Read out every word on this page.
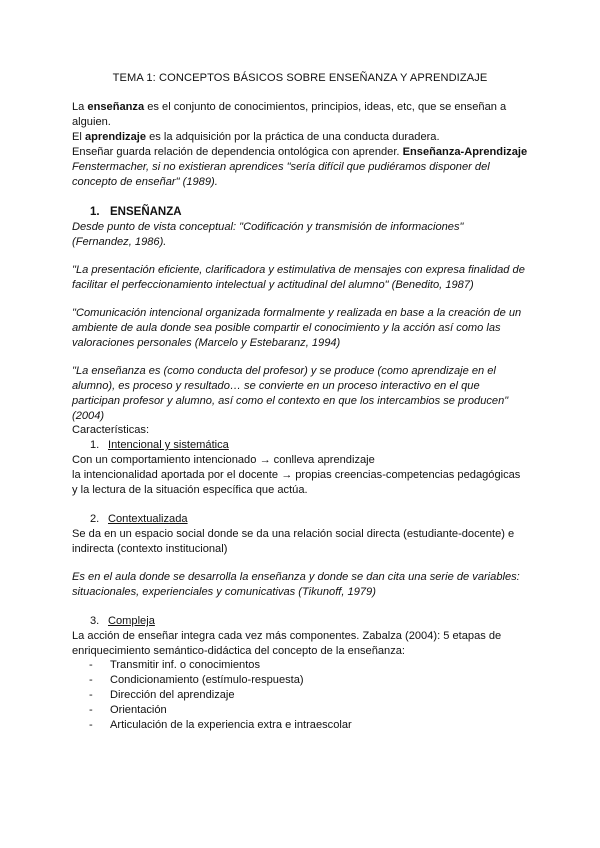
TEMA 1: CONCEPTOS BÁSICOS SOBRE ENSEÑANZA Y APRENDIZAJE
La enseñanza es el conjunto de conocimientos, principios, ideas, etc, que se enseñan a
alguien.
El aprendizaje es la adquisición por la práctica de una conducta duradera.
Enseñar guarda relación de dependencia ontológica con aprender. Enseñanza-Aprendizaje
Fenstermacher, si no existieran aprendices "sería difícil que pudiéramos disponer del
concepto de enseñar" (1989).
1. ENSEÑANZA
Desde punto de vista conceptual: "Codificación y transmisión de informaciones"
(Fernandez, 1986).
"La presentación eficiente, clarificadora y estimulativa de mensajes con expresa finalidad de
facilitar el perfeccionamiento intelectual y actitudinal del alumno" (Benedito, 1987)
"Comunicación intencional organizada formalmente y realizada en base a la creación de un
ambiente de aula donde sea posible compartir el conocimiento y la acción así como las
valoraciones personales (Marcelo y Estebaranz, 1994)
"La enseñanza es (como conducta del profesor) y se produce (como aprendizaje en el
alumno), es proceso y resultado… se convierte en un proceso interactivo en el que
participan profesor y alumno, así como el contexto en que los intercambios se producen"
(2004)
Características:
1. Intencional y sistemática
Con un comportamiento intencionado → conlleva aprendizaje
la intencionalidad aportada por el docente → propias creencias-competencias pedagógicas
y la lectura de la situación específica que actúa.
2. Contextualizada
Se da en un espacio social donde se da una relación social directa (estudiante-docente) e
indirecta (contexto institucional)
Es en el aula donde se desarrolla la enseñanza y donde se dan cita una serie de variables:
situacionales, experienciales y comunicativas (Tikunoff, 1979)
3. Compleja
La acción de enseñar integra cada vez más componentes. Zabalza (2004): 5 etapas de
enriquecimiento semántico-didáctica del concepto de la enseñanza:
- Transmitir inf. o conocimientos
- Condicionamiento (estímulo-respuesta)
- Dirección del aprendizaje
- Orientación
- Articulación de la experiencia extra e intraescolar
